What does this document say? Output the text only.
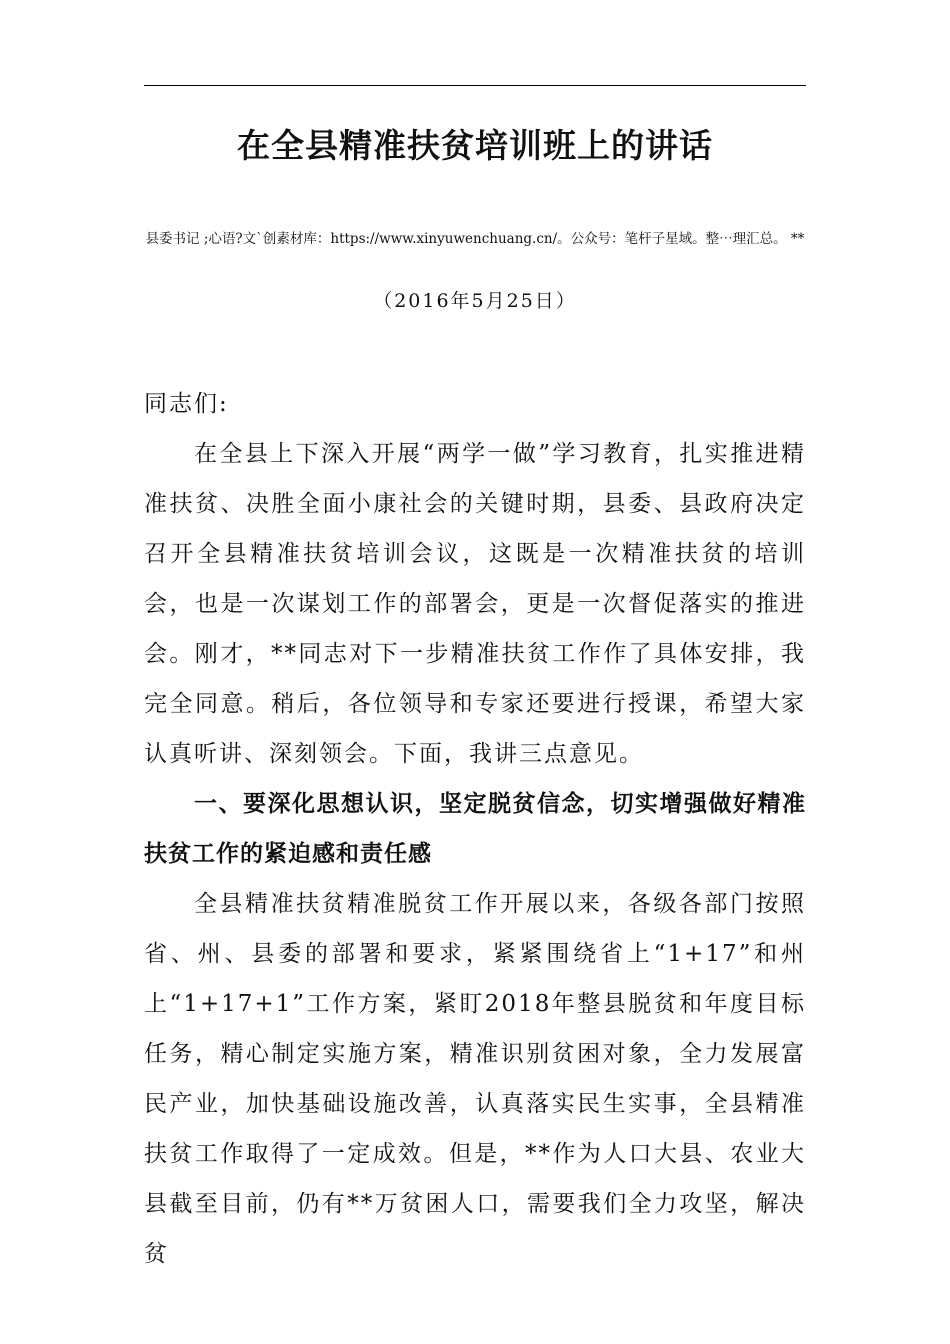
在全县精准扶贫培训班上的讲话

县委书记 ;心语?文`创素材库：https://www.xinyuwenchuang.cn/。公众号：笔杆子星域。整⋯理汇总。 **

（2016年5月25日）

同志们:

在全县上下深入开展“两学一做”学习教育，扎实推进精准扶贫、决胜全面小康社会的关键时期，县委、县政府决定召开全县精准扶贫培训会议，这既是一次精准扶贫的培训会，也是一次谋划工作的部署会，更是一次督促落实的推进会。刚才，**同志对下一步精准扶贫工作作了具体安排，我完全同意。稍后，各位领导和专家还要进行授课，希望大家认真听讲、深刻领会。下面，我讲三点意见。

一、要深化思想认识，坚定脱贫信念，切实增强做好精准扶贫工作的紧迫感和责任感

全县精准扶贫精准脱贫工作开展以来，各级各部门按照省、州、县委的部署和要求，紧紧围绕省上“1+17”和州上“1+17+1”工作方案，紧盯2018年整县脱贫和年度目标任务，精心制定实施方案，精准识别贫困对象，全力发展富民产业，加快基础设施改善，认真落实民生实事，全县精准扶贫工作取得了一定成效。但是，**作为人口大县、农业大县截至目前，仍有**万贫困人口，需要我们全力攻坚，解决贫
